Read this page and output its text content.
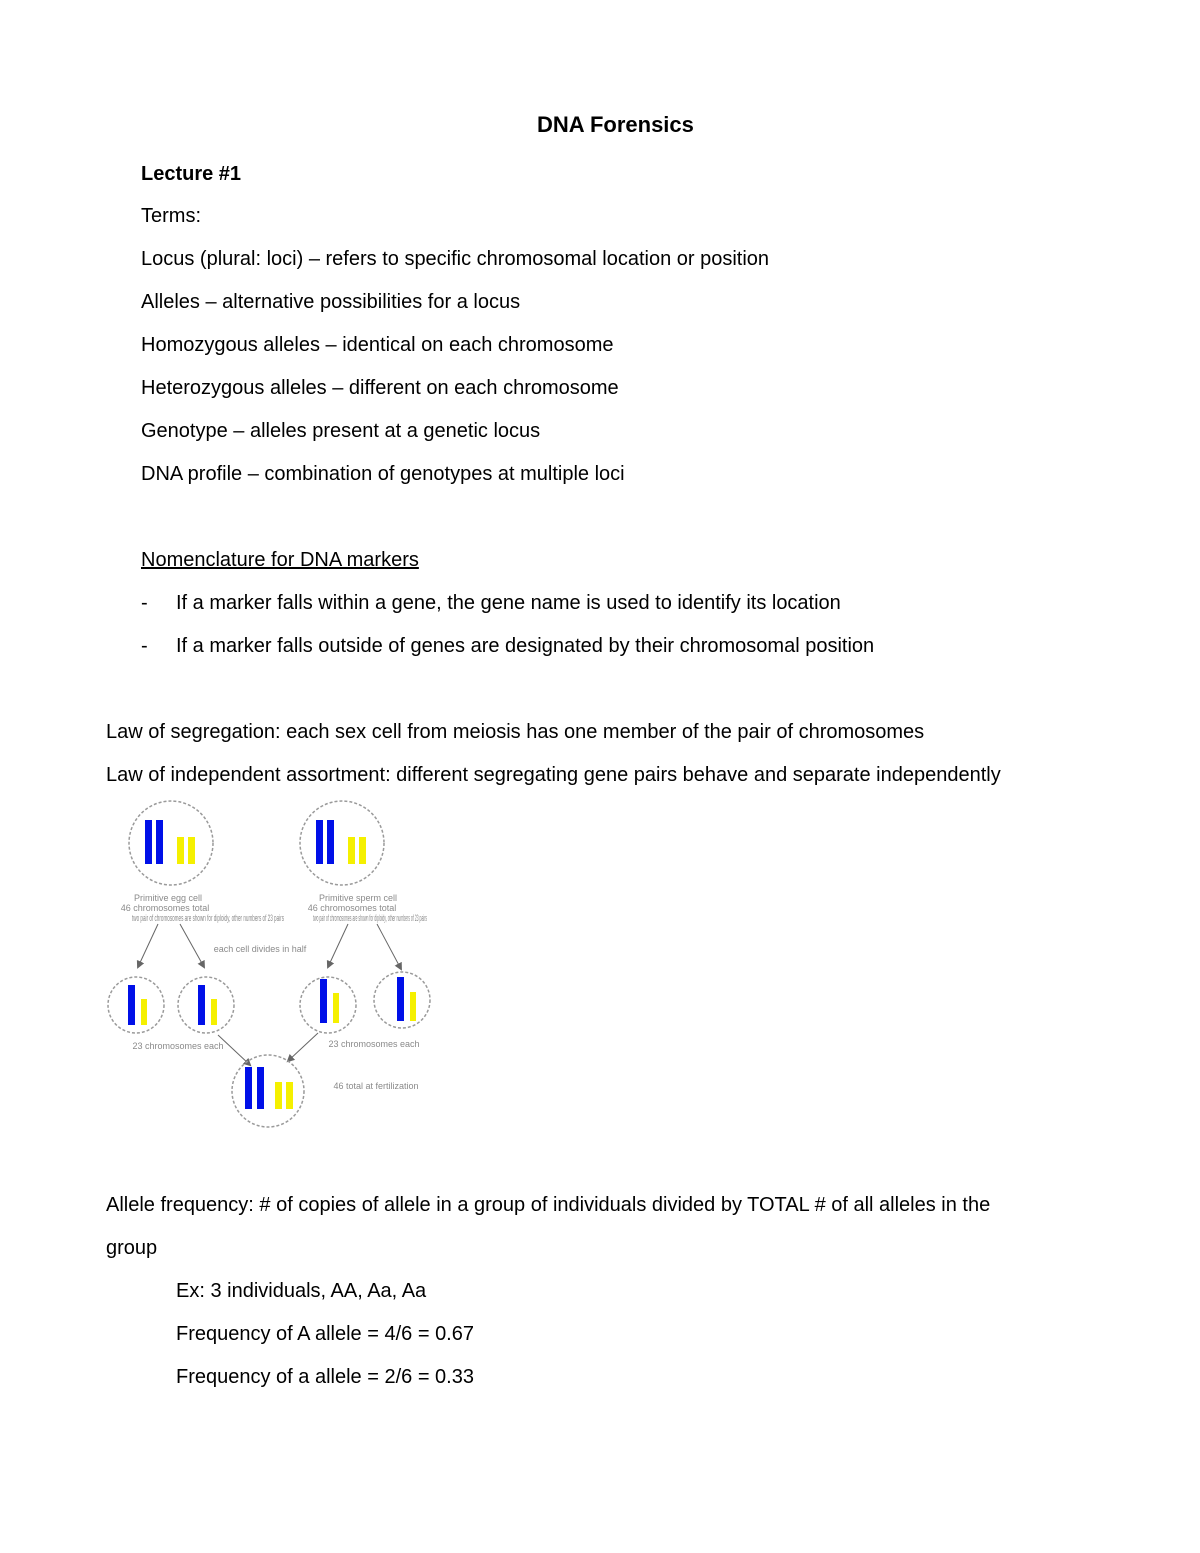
DNA Forensics
Lecture #1
Terms:
Locus (plural: loci) – refers to specific chromosomal location or position
Alleles – alternative possibilities for a locus
Homozygous alleles – identical on each chromosome
Heterozygous alleles – different on each chromosome
Genotype – alleles present at a genetic locus
DNA profile – combination of genotypes at multiple loci
Nomenclature for DNA markers
- If a marker falls within a gene, the gene name is used to identify its location
- If a marker falls outside of genes are designated by their chromosomal position
Law of segregation: each sex cell from meiosis has one member of the pair of chromosomes
Law of independent assortment: different segregating gene pairs behave and separate independently
Primitive egg cell
46 chromosomes total
two pair of chromosomes are shown for diploidy, other numbers of 23 pairs
Primitive sperm cell
46 chromosomes total
two pair of chromosomes are shown for diploidy, other numbers of 23 pairs
each cell divides in half
23 chromosomes each	23 chromosomes each
46 total at fertilization
Allele frequency: # of copies of allele in a group of individuals divided by TOTAL # of all alleles in the
group
Ex: 3 individuals, AA, Aa, Aa
Frequency of A allele = 4/6 = 0.67
Frequency of a allele = 2/6 = 0.33
